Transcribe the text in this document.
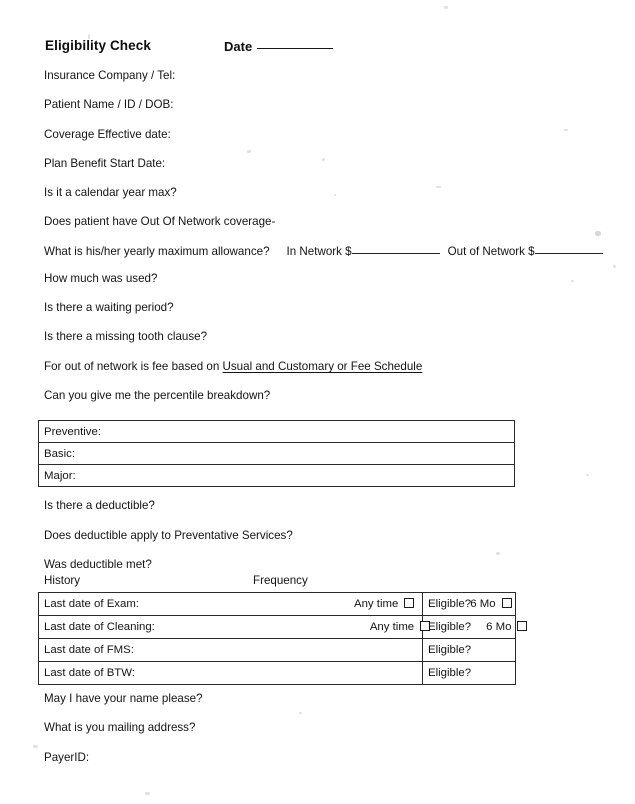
Eligibility Check	Date
Insurance Company / Tel:
Patient Name / ID / DOB:
Coverage Effective date:
Plan Benefit Start Date:
Is it a calendar year max?
Does patient have Out Of Network coverage-
What is his/her yearly maximum allowance? In Network $	Out of Network $
How much was used?
Is there a waiting period?
Is there a missing tooth clause?
For out of network is fee based on Usual and Customary or Fee Schedule
Can you give me the percentile breakdown?
Preventive:
Basic:
Major:
Is there a deductible?
Does deductible apply to Preventative Services?
Was deductible met?
History	Frequency
Last date of Exam: Any time 6 Mo	Eligible?

Last date of Cleaning: Any time 6 Mo	Eligible?
Last date of FMS:	Eligible?
Last date of BTW:	Eligible?
May I have your name please?
What is you mailing address?
PayerID:
